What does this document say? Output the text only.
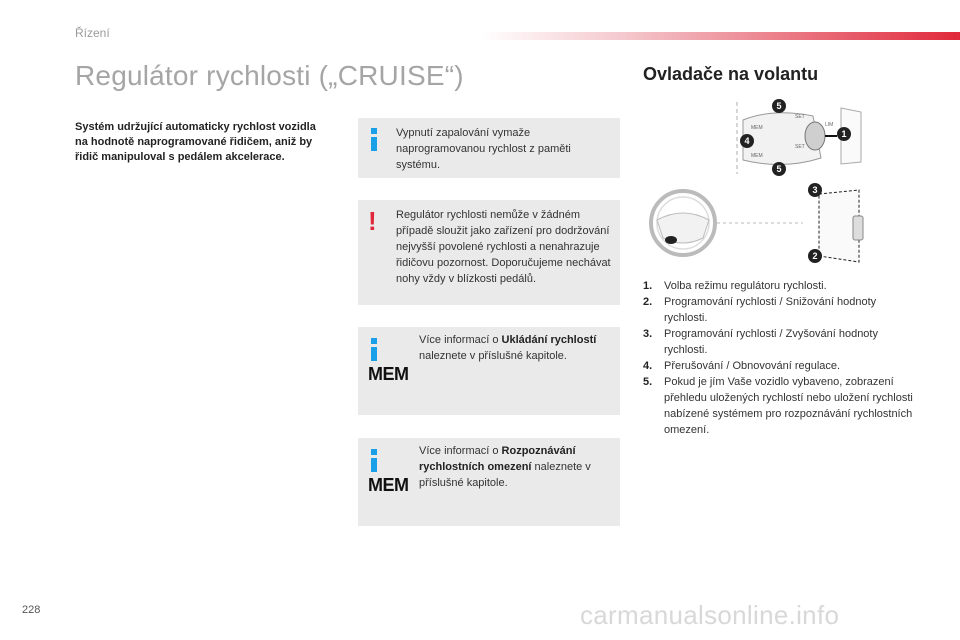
Řízení
Regulátor rychlosti („CRUISE“)
Systém udržující automaticky rychlost vozidla na hodnotě naprogramované řidičem, aniž by řidič manipuloval s pedálem akcelerace.
Vypnutí zapalování vymaže naprogramovanou rychlost z paměti systému.
! Regulátor rychlosti nemůže v žádném případě sloužit jako zařízení pro dodržování nejvyšší povolené rychlosti a nenahrazuje řidičovu pozornost. Doporučujeme nechávat nohy vždy v blízkosti pedálů.
MEM
Více informací o Ukládání rychlostí naleznete v příslušné kapitole.
MEM
Více informací o Rozpoznávání rychlostních omezení naleznete v příslušné kapitole.
Ovladače na volantu
MEM
MEM
SET
SET
LIM
5
4
5
1
3
2
1. Volba režimu regulátoru rychlosti.
2. Programování rychlosti / Snižování hodnoty rychlosti.
3. Programování rychlosti / Zvyšování hodnoty rychlosti.
4. Přerušování / Obnovování regulace.
5. Pokud je jím Vaše vozidlo vybaveno, zobrazení přehledu uložených rychlostí nebo uložení rychlosti nabízené systémem pro rozpoznávání rychlostních omezení.
228	carmanualsonline.info
